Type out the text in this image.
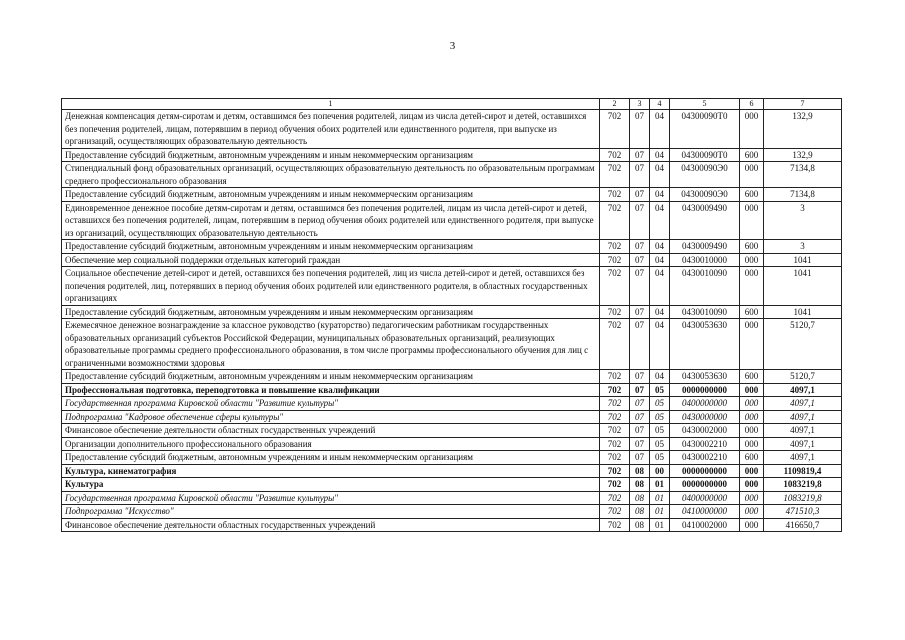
3
1	2	3	4	5	6	7
Денежная компенсация детям-сиротам и детям, оставшимся без попечения родителей, лицам из числа детей-сирот и детей, оставшихся без попечения родителей, лицам, потерявшим в период обучения обоих родителей или единственного родителя, при выпуске из организаций, осуществляющих образовательную деятельность	702	07	04	04300090Т0	000	132,9
Предоставление субсидий бюджетным, автономным учреждениям и иным некоммерческим организациям	702	07	04	04300090Т0	600	132,9
Стипендиальный фонд образовательных организаций, осуществляющих образовательную деятельность по образовательным программам среднего профессионального образования	702	07	04	04300090Э0	000	7134,8
Предоставление субсидий бюджетным, автономным учреждениям и иным некоммерческим организациям	702	07	04	04300090Э0	600	7134,8
Единовременное денежное пособие детям-сиротам и детям, оставшимся без попечения родителей, лицам из числа детей-сирот и детей, оставшихся без попечения родителей, лицам, потерявшим в период обучения обоих родителей или единственного родителя, при выпуске из организаций, осуществляющих образовательную деятельность	702	07	04	0430009490	000	3
Предоставление субсидий бюджетным, автономным учреждениям и иным некоммерческим организациям	702	07	04	0430009490	600	3
Обеспечение мер социальной поддержки отдельных категорий граждан	702	07	04	0430010000	000	1041
Социальное обеспечение детей-сирот и детей, оставшихся без попечения родителей, лиц из числа детей-сирот и детей, оставшихся без попечения родителей, лиц, потерявших в период обучения обоих родителей или единственного родителя, в областных государственных организациях	702	07	04	0430010090	000	1041
Предоставление субсидий бюджетным, автономным учреждениям и иным некоммерческим организациям	702	07	04	0430010090	600	1041
Ежемесячное денежное вознаграждение за классное руководство (кураторство) педагогическим работникам государственных образовательных организаций субъектов Российской Федерации, муниципальных образовательных организаций, реализующих образовательные программы среднего профессионального образования, в том числе программы профессионального обучения для лиц с ограниченными возможностями здоровья	702	07	04	0430053630	000	5120,7
Предоставление субсидий бюджетным, автономным учреждениям и иным некоммерческим организациям	702	07	04	0430053630	600	5120,7
Профессиональная подготовка, переподготовка и повышение квалификации	702	07	05	0000000000	000	4097,1
Государственная программа Кировской области "Развитие культуры"	702	07	05	0400000000	000	4097,1
Подпрограмма "Кадровое обеспечение сферы культуры"	702	07	05	0430000000	000	4097,1
Финансовое обеспечение деятельности областных государственных учреждений	702	07	05	0430002000	000	4097,1
Организации дополнительного профессионального образования	702	07	05	0430002210	000	4097,1
Предоставление субсидий бюджетным, автономным учреждениям и иным некоммерческим организациям	702	07	05	0430002210	600	4097,1
Культура, кинематография	702	08	00	0000000000	000	1109819,4
Культура	702	08	01	0000000000	000	1083219,8
Государственная программа Кировской области "Развитие культуры"	702	08	01	0400000000	000	1083219,8
Подпрограмма "Искусство"	702	08	01	0410000000	000	471510,3
Финансовое обеспечение деятельности областных государственных учреждений	702	08	01	0410002000	000	416650,7
